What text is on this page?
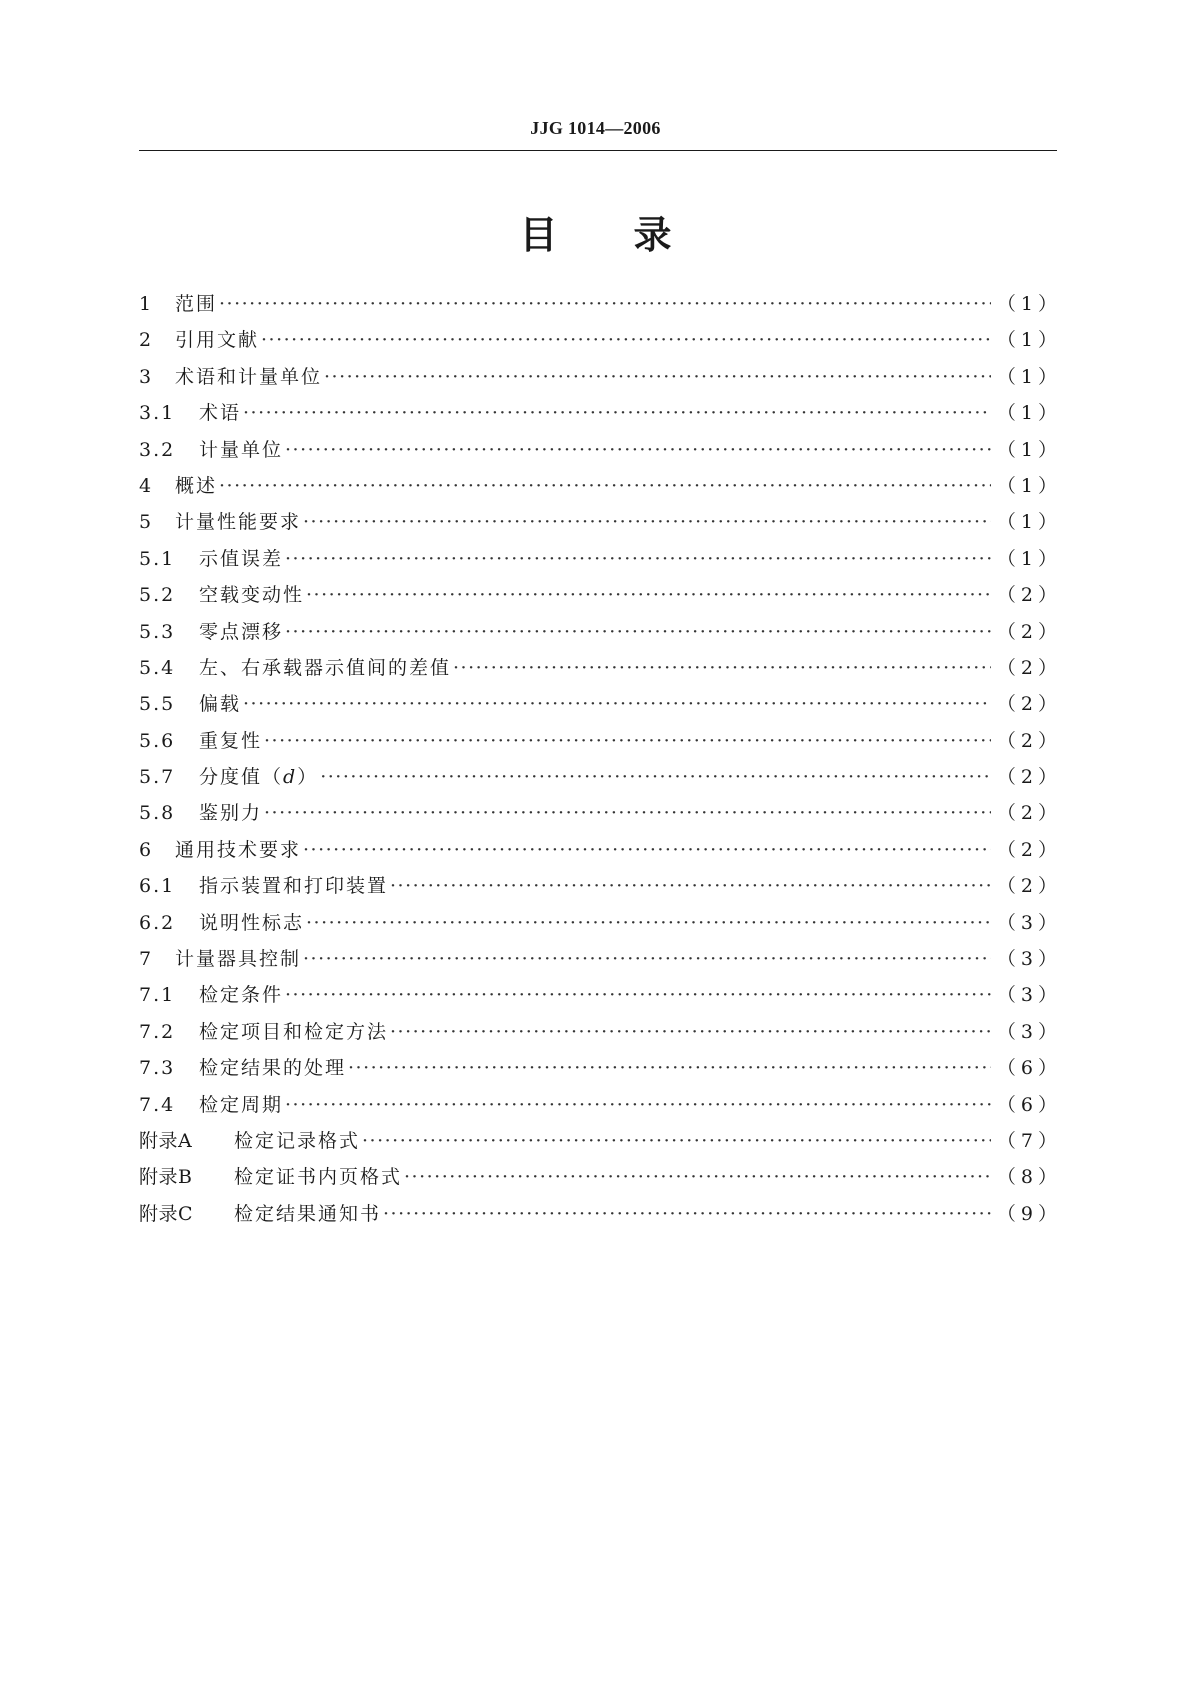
JJG 1014—2006
目 录
1	范围 ·····	（1）
2	引用文献 ·····	（1）
3	术语和计量单位 ·····	（1）
3.1	术语 ·····	（1）
3.2	计量单位 ·····	（1）
4	概述 ·····	（1）
5	计量性能要求 ·····	（1）
5.1	示值误差 ·····	（1）
5.2	空载变动性 ·····	（2）
5.3	零点漂移 ·····	（2）
5.4	左、右承载器示值间的差值 ·····	（2）
5.5	偏载 ·····	（2）
5.6	重复性 ·····	（2）
5.7	分度值（d） ·····	（2）
5.8	鉴别力 ·····	（2）
6	通用技术要求 ·····	（2）
6.1	指示装置和打印装置 ·····	（2）
6.2	说明性标志 ·····	（3）
7	计量器具控制 ·····	（3）
7.1	检定条件 ·····	（3）
7.2	检定项目和检定方法 ·····	（3）
7.3	检定结果的处理 ·····	（6）
7.4	检定周期 ·····	（6）
附录A	检定记录格式 ·····	（7）
附录B	检定证书内页格式 ·····	（8）
附录C	检定结果通知书 ·····	（9）
